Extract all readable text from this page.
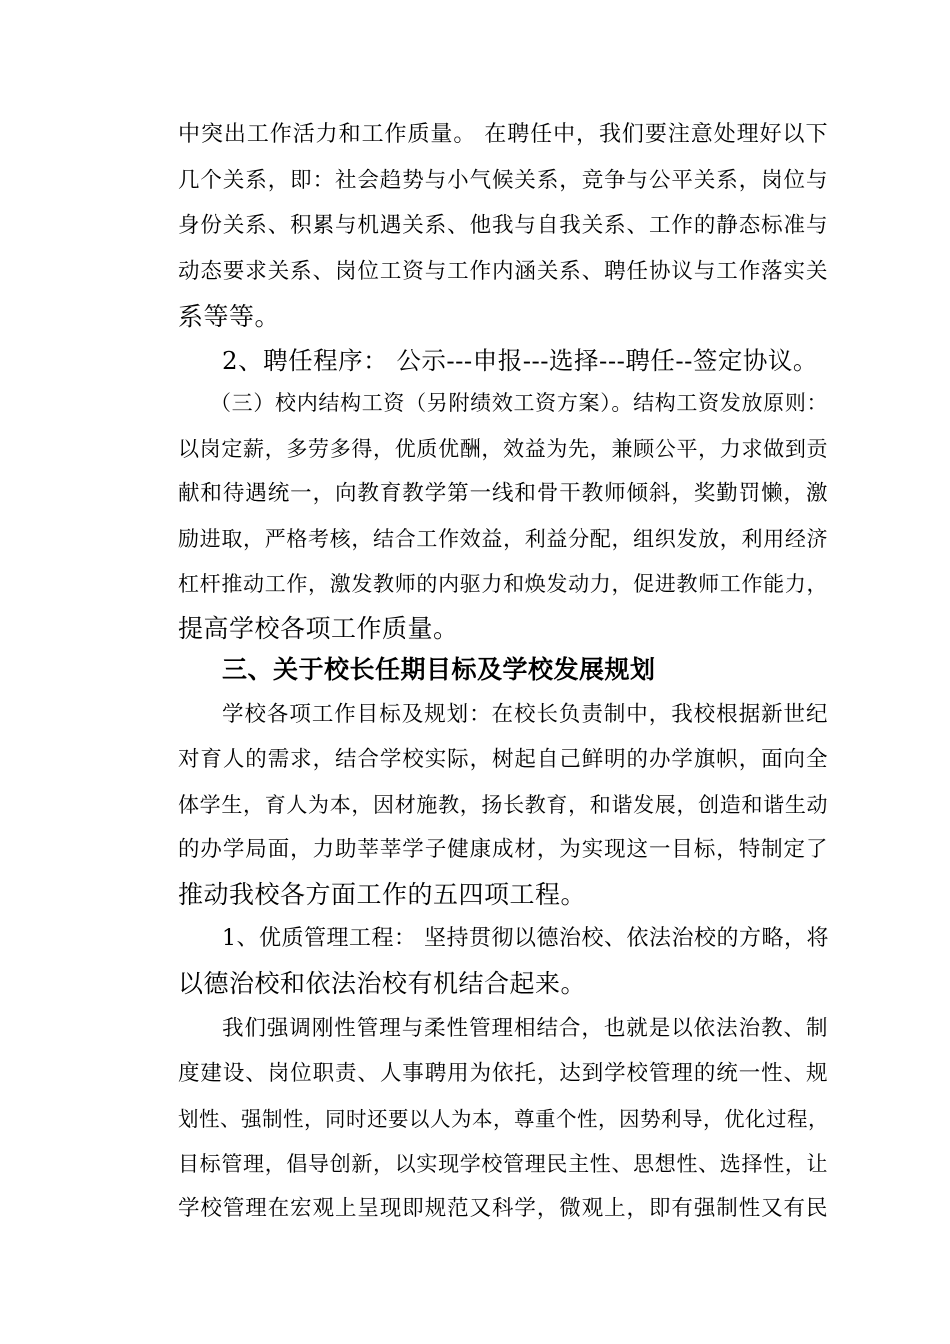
中突出工作活力和工作质量。 在聘任中，我们要注意处理好以下
几个关系，即：社会趋势与小气候关系，竞争与公平关系，岗位与
身份关系、积累与机遇关系、他我与自我关系、工作的静态标准与
动态要求关系、岗位工资与工作内涵关系、聘任协议与工作落实关
系等等。
2、聘任程序： 公示---申报---选择---聘任--签定协议。
（三）校内结构工资（另附绩效工资方案）。结构工资发放原则：
以岗定薪，多劳多得，优质优酬，效益为先，兼顾公平，力求做到贡
献和待遇统一，向教育教学第一线和骨干教师倾斜，奖勤罚懒，激
励进取，严格考核，结合工作效益，利益分配，组织发放，利用经济
杠杆推动工作，激发教师的内驱力和焕发动力，促进教师工作能力，
提高学校各项工作质量。
三、关于校长任期目标及学校发展规划
学校各项工作目标及规划：在校长负责制中，我校根据新世纪
对育人的需求，结合学校实际，树起自己鲜明的办学旗帜，面向全
体学生，育人为本，因材施教，扬长教育，和谐发展，创造和谐生动
的办学局面，力助莘莘学子健康成材，为实现这一目标，特制定了
推动我校各方面工作的五四项工程。
1、优质管理工程： 坚持贯彻以德治校、依法治校的方略，将
以德治校和依法治校有机结合起来。
我们强调刚性管理与柔性管理相结合，也就是以依法治教、制
度建设、岗位职责、人事聘用为依托，达到学校管理的统一性、规
划性、强制性，同时还要以人为本，尊重个性，因势利导，优化过程，
目标管理，倡导创新，以实现学校管理民主性、思想性、选择性，让
学校管理在宏观上呈现即规范又科学，微观上，即有强制性又有民
